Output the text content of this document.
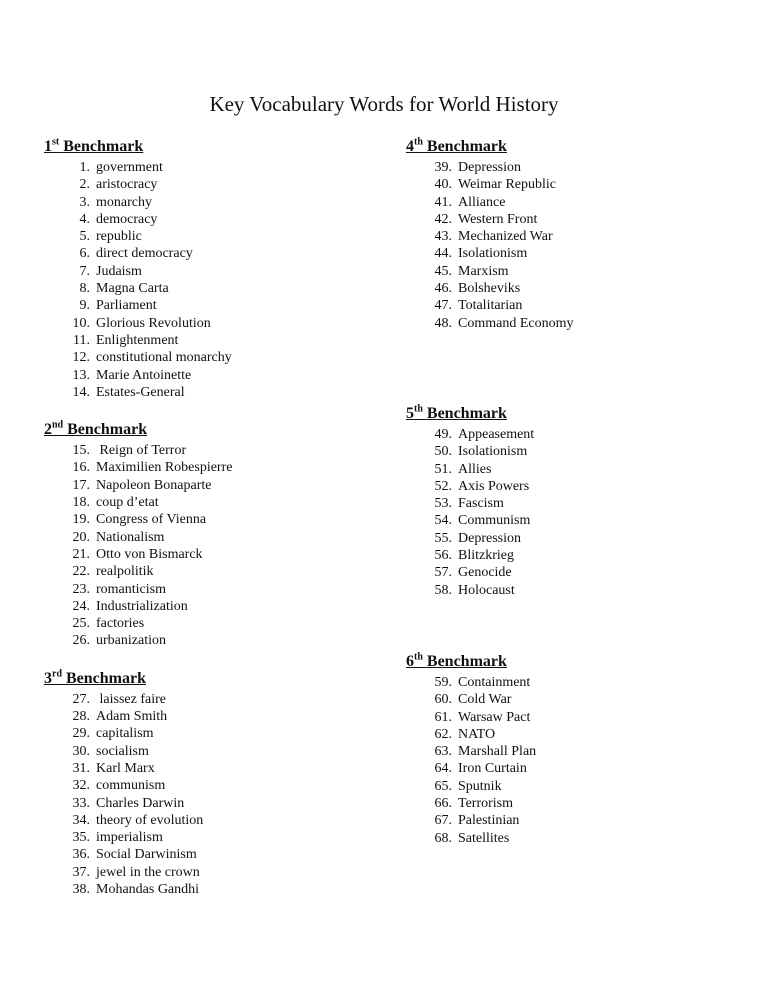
Key Vocabulary Words for World History
1st Benchmark
1. government
2. aristocracy
3. monarchy
4. democracy
5. republic
6. direct democracy
7. Judaism
8. Magna Carta
9. Parliament
10. Glorious Revolution
11. Enlightenment
12. constitutional monarchy
13. Marie Antoinette
14. Estates-General
2nd Benchmark
15. Reign of Terror
16. Maximilien Robespierre
17. Napoleon Bonaparte
18. coup d’etat
19. Congress of Vienna
20. Nationalism
21. Otto von Bismarck
22. realpolitik
23. romanticism
24. Industrialization
25. factories
26. urbanization
3rd Benchmark
27. laissez faire
28. Adam Smith
29. capitalism
30. socialism
31. Karl Marx
32. communism
33. Charles Darwin
34. theory of evolution
35. imperialism
36. Social Darwinism
37. jewel in the crown
38. Mohandas Gandhi
4th Benchmark
39. Depression
40. Weimar Republic
41. Alliance
42. Western Front
43. Mechanized War
44. Isolationism
45. Marxism
46. Bolsheviks
47. Totalitarian
48. Command Economy
5th Benchmark
49. Appeasement
50. Isolationism
51. Allies
52. Axis Powers
53. Fascism
54. Communism
55. Depression
56. Blitzkrieg
57. Genocide
58. Holocaust
6th Benchmark
59. Containment
60. Cold War
61. Warsaw Pact
62. NATO
63. Marshall Plan
64. Iron Curtain
65. Sputnik
66. Terrorism
67. Palestinian
68. Satellites
